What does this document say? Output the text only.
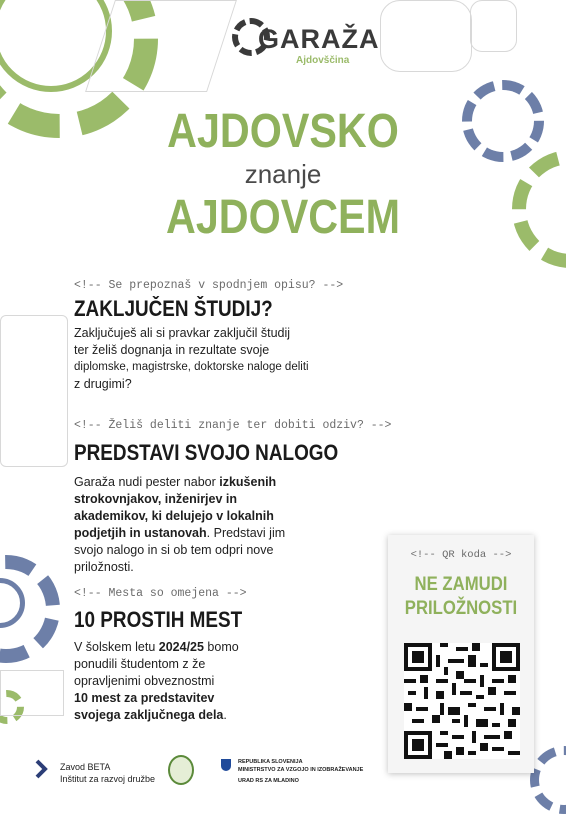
GARAŽA
Ajdovščina
AJDOVSKO
znanje
AJDOVCEM
<!-- Se prepoznaš v spodnjem opisu? -->
ZAKLJUČEN ŠTUDIJ?
Zaključuješ ali si pravkar zaključil študij
ter želiš dognanja in rezultate svoje
diplomske, magistrske, doktorske naloge deliti
z drugimi?
<!-- Želiš deliti znanje ter dobiti odziv? -->
PREDSTAVI SVOJO NALOGO
Garaža nudi pester nabor izkušenih
strokovnjakov, inženirjev in
akademikov, ki delujejo v lokalnih
podjetjih in ustanovah. Predstavi jim
svojo nalogo in si ob tem odpri nove
priložnosti.
<!-- Mesta so omejena -->
10 PROSTIH MEST
V šolskem letu 2024/25 bomo
ponudili študentom z že
opravljenimi obveznostmi
10 mest za predstavitev
svojega zaključnega dela.
<!-- QR koda -->
NE ZAMUDI
PRILOŽNOSTI
Zavod BETA
Inštitut za razvoj družbe
REPUBLIKA SLOVENIJA
MINISTRSTVO ZA VZGOJO IN IZOBRAŽEVANJE
URAD RS ZA MLADINO
